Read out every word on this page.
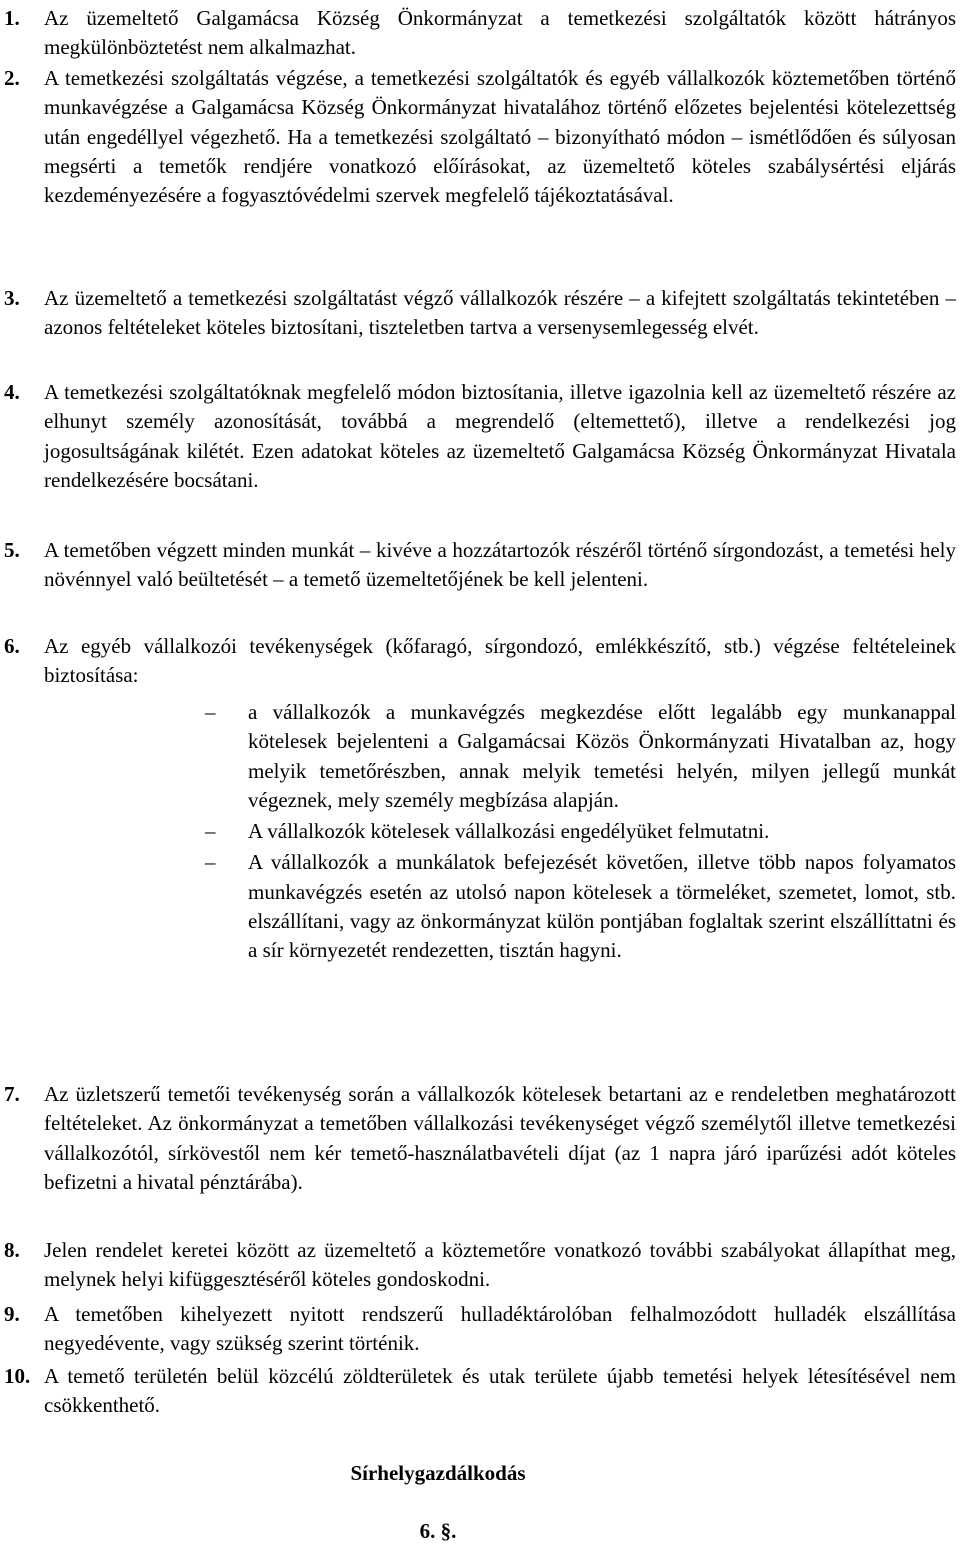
1. Az üzemeltető Galgamácsa Község Önkormányzat a temetkezési szolgáltatók között hátrányos megkülönböztetést nem alkalmazhat.
2. A temetkezési szolgáltatás végzése, a temetkezési szolgáltatók és egyéb vállalkozók köztemetőben történő munkavégzése a Galgamácsa Község Önkormányzat hivatalához történő előzetes bejelentési kötelezettség után engedéllyel végezhető. Ha a temetkezési szolgáltató – bizonyítható módon – ismétlődően és súlyosan megsérti a temetők rendjére vonatkozó előírásokat, az üzemeltető köteles szabálysértési eljárás kezdeményezésére a fogyasztóvédelmi szervek megfelelő tájékoztatásával.
3. Az üzemeltető a temetkezési szolgáltatást végző vállalkozók részére – a kifejtett szolgáltatás tekintetében – azonos feltételeket köteles biztosítani, tiszteletben tartva a versenysemlegesség elvét.
4. A temetkezési szolgáltatóknak megfelelő módon biztosítania, illetve igazolnia kell az üzemeltető részére az elhunyt személy azonosítását, továbbá a megrendelő (eltemettető), illetve a rendelkezési jog jogosultságának kilétét. Ezen adatokat köteles az üzemeltető Galgamácsa Község Önkormányzat Hivatala rendelkezésére bocsátani.
5. A temetőben végzett minden munkát – kivéve a hozzátartozók részéről történő sírgondozást, a temetési hely növénnyel való beültetését – a temető üzemeltetőjének be kell jelenteni.
6. Az egyéb vállalkozói tevékenységek (kőfaragó, sírgondozó, emlékkészítő, stb.) végzése feltételeinek biztosítása:
– a vállalkozók a munkavégzés megkezdése előtt legalább egy munkanappal kötelesek bejelenteni a Galgamácsai Közös Önkormányzati Hivatalban az, hogy melyik temetőrészben, annak melyik temetési helyén, milyen jellegű munkát végeznek, mely személy megbízása alapján.
– A vállalkozók kötelesek vállalkozási engedélyüket felmutatni.
– A vállalkozók a munkálatok befejezését követően, illetve több napos folyamatos munkavégzés esetén az utolsó napon kötelesek a törmeléket, szemetet, lomot, stb. elszállítani, vagy az önkormányzat külön pontjában foglaltak szerint elszállíttatni és a sír környezetét rendezetten, tisztán hagyni.
7. Az üzletszerű temetői tevékenység során a vállalkozók kötelesek betartani az e rendeletben meghatározott feltételeket. Az önkormányzat a temetőben vállalkozási tevékenységet végző személytől illetve temetkezési vállalkozótól, sírkövestől nem kér temető-használatbavételi díjat (az 1 napra járó iparűzési adót köteles befizetni a hivatal pénztárába).
8. Jelen rendelet keretei között az üzemeltető a köztemetőre vonatkozó további szabályokat állapíthat meg, melynek helyi kifüggesztéséről köteles gondoskodni.
9. A temetőben kihelyezett nyitott rendszerű hulladéktárolóban felhalmozódott hulladék elszállítása negyedévente, vagy szükség szerint történik.
10. A temető területén belül közcélú zöldterületek és utak területe újabb temetési helyek létesítésével nem csökkenthető.
Sírhelygazdálkodás
6. §.
